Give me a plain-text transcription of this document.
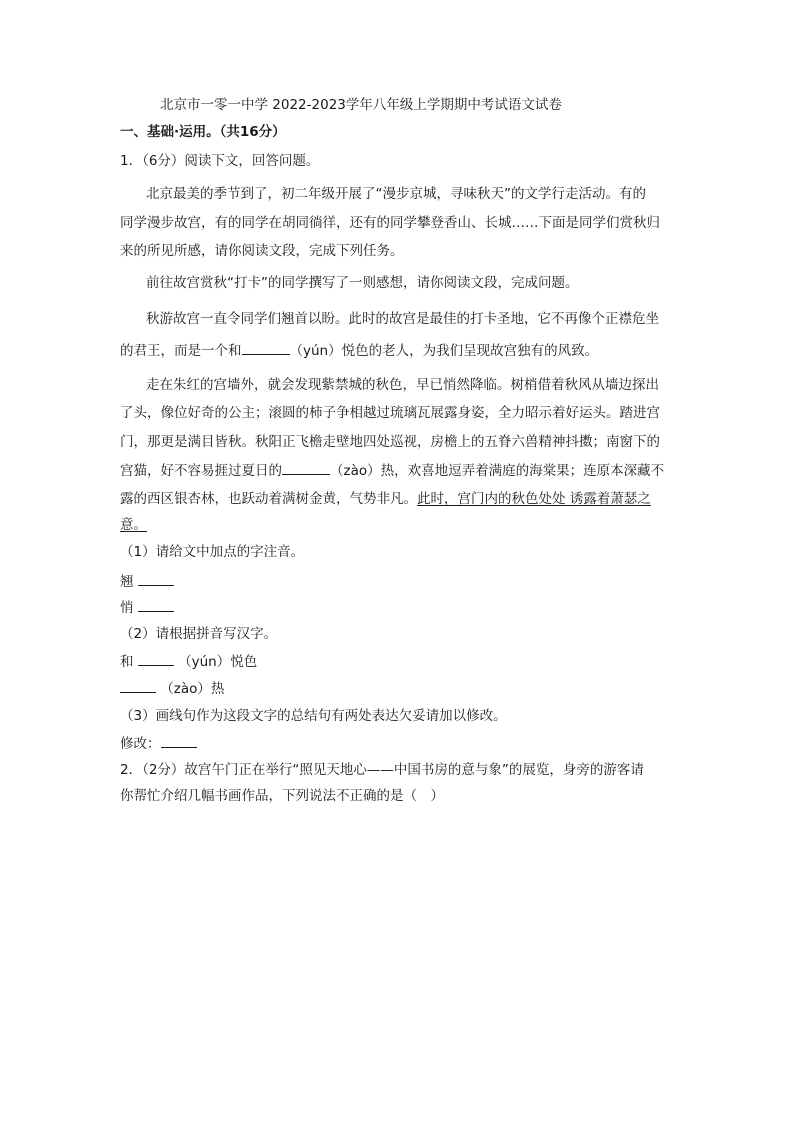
北京市一零一中学 2022-2023学年八年级上学期期中考试语文试卷
一、基础·运用。（共16分）
1．（6分）阅读下文，回答问题。
北京最美的季节到了，初二年级开展了“漫步京城，寻味秋天”的文学行走活动。有的
同学漫步故宫，有的同学在胡同徜徉，还有的同学攀登香山、长城……下面是同学们赏秋归
来的所见所感，请你阅读文段，完成下列任务。
前往故宫赏秋“打卡”的同学撰写了一则感想，请你阅读文段，完成问题。
秋游故宫一直令同学们翘首以盼。此时的故宫是最佳的打卡圣地，它不再像个正襟危坐
的君王，而是一个和	（yún）悦色的老人，为我们呈现故宫独有的风致。
走在朱红的宫墙外，就会发现紫禁城的秋色，早已悄然降临。树梢借着秋风从墙边探出
了头，像位好奇的公主；滚圆的柿子争相越过琉璃瓦展露身姿，全力昭示着好运头。踏进宫
门，那更是满目皆秋。秋阳正飞檐走壁地四处巡视，房檐上的五脊六兽精神抖擞；南窗下的
宫猫，好不容易捱过夏日的	（zào）热，欢喜地逗弄着满庭的海棠果；连原本深藏不
露的西区银杏林，也跃动着满树金黄，气势非凡。此时，宫门内的秋色处处 诱露着萧瑟之
意。
（1）请给文中加点的字注音。
翘
悄
（2）请根据拼音写汉字。
和	（yún）悦色
（zào）热
（3）画线句作为这段文字的总结句有两处表达欠妥请加以修改。
修改：
2．（2分）故宫午门正在举行“照见天地心——中国书房的意与象”的展览，身旁的游客请
你帮忙介绍几幅书画作品，下列说法不正确的是（　）
